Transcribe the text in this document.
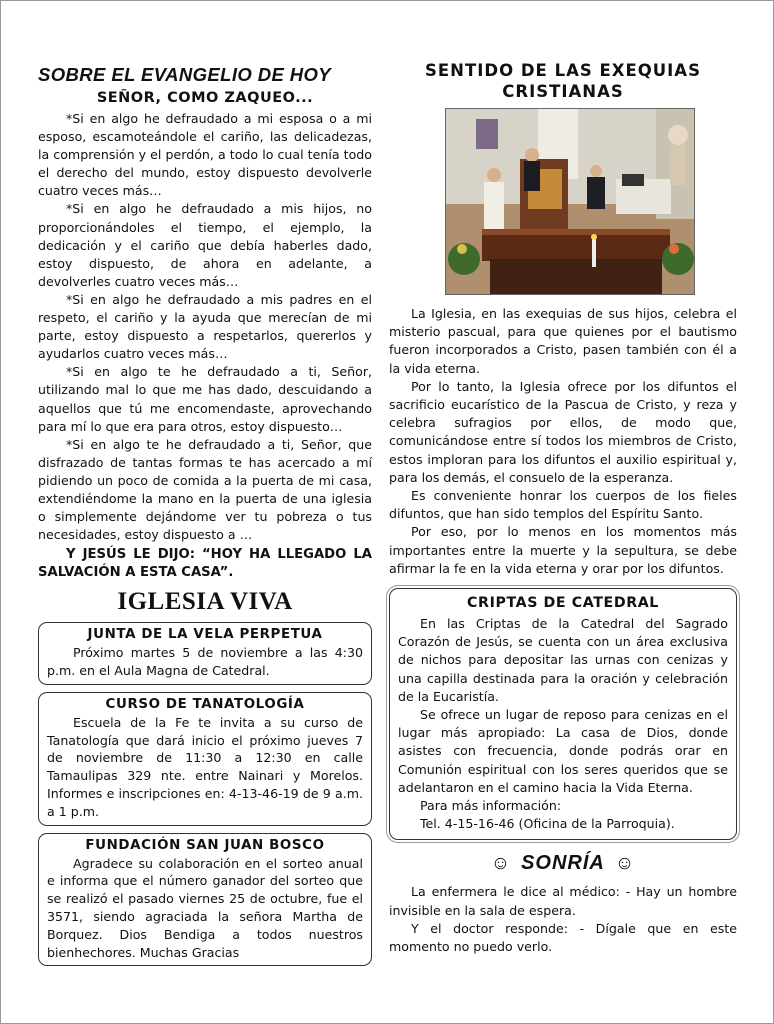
SOBRE EL EVANGELIO DE HOY
SEÑOR, COMO ZAQUEO...

*Si en algo he defraudado a mi esposa o a mi esposo, escamoteándole el cariño, las delicadezas, la comprensión y el perdón, a todo lo cual tenía todo el derecho del mundo, estoy dispuesto devolverle cuatro veces más…

*Si en algo he defraudado a mis hijos, no proporcionándoles el tiempo, el ejemplo, la dedicación y el cariño que debía haberles dado, estoy dispuesto, de ahora en adelante, a devolverles cuatro veces más…

*Si en algo he defraudado a mis padres en el respeto, el cariño y la ayuda que merecían de mi parte, estoy dispuesto a respetarlos, quererlos y ayudarlos cuatro veces más…

*Si en algo te he defraudado a ti, Señor, utilizando mal lo que me has dado, descuidando a aquellos que tú me encomendaste, aprovechando para mí lo que era para otros, estoy dispuesto…

*Si en algo te he defraudado a ti, Señor, que disfrazado de tantas formas te has acercado a mí pidiendo un poco de comida a la puerta de mi casa, extendiéndome la mano en la puerta de una iglesia o simplemente dejándome ver tu pobreza o tus necesidades, estoy dispuesto a …

Y JESÚS LE DIJO: “HOY HA LLEGADO LA SALVACIÓN A ESTA CASA”.

IGLESIA VIVA
JUNTA DE LA VELA PERPETUA

Próximo martes 5 de noviembre a las 4:30 p.m. en el Aula Magna de Catedral.

CURSO DE TANATOLOGÍA

Escuela de la Fe te invita a su curso de Tanatología que dará inicio el próximo jueves 7 de noviembre de 11:30 a 12:30 en calle Tamaulipas 329 nte. entre Nainari y Morelos. Informes e inscripciones en: 4-13-46-19 de 9 a.m. a 1 p.m.

FUNDACIÓN SAN JUAN BOSCO

Agradece su colaboración en el sorteo anual e informa que el número ganador del sorteo que se realizó el pasado viernes 25 de octubre, fue el 3571, siendo agraciada la señora Martha de Borquez. Dios Bendiga a todos nuestros bienhechores. Muchas Gracias

SENTIDO DE LAS EXEQUIAS CRISTIANAS

La Iglesia, en las exequias de sus hijos, celebra el misterio pascual, para que quienes por el bautismo fueron incorporados a Cristo, pasen también con él a la vida eterna.

Por lo tanto, la Iglesia ofrece por los difuntos el sacrificio eucarístico de la Pascua de Cristo, y reza y celebra sufragios por ellos, de modo que, comunicándose entre sí todos los miembros de Cristo, estos imploran para los difuntos el auxilio espiritual y, para los demás, el consuelo de la esperanza.

Es conveniente honrar los cuerpos de los fieles difuntos, que han sido templos del Espíritu Santo.

Por eso, por lo menos en los momentos más importantes entre la muerte y la sepultura, se debe afirmar la fe en la vida eterna y orar por los difuntos.

CRIPTAS DE CATEDRAL

En las Criptas de la Catedral del Sagrado Corazón de Jesús, se cuenta con un área exclusiva de nichos para depositar las urnas con cenizas y una capilla destinada para la oración y celebración de la Eucaristía.

Se ofrece un lugar de reposo para cenizas en el lugar más apropiado: La casa de Dios, donde asistes con frecuencia, donde podrás orar en Comunión espiritual con los seres queridos que se adelantaron en el camino hacia la Vida Eterna.

Para más información:

Tel. 4-15-16-46 (Oficina de la Parroquia).

☺ SONRÍA ☺

La enfermera le dice al médico: - Hay un hombre invisible en la sala de espera.

Y el doctor responde: - Dígale que en este momento no puedo verlo.
